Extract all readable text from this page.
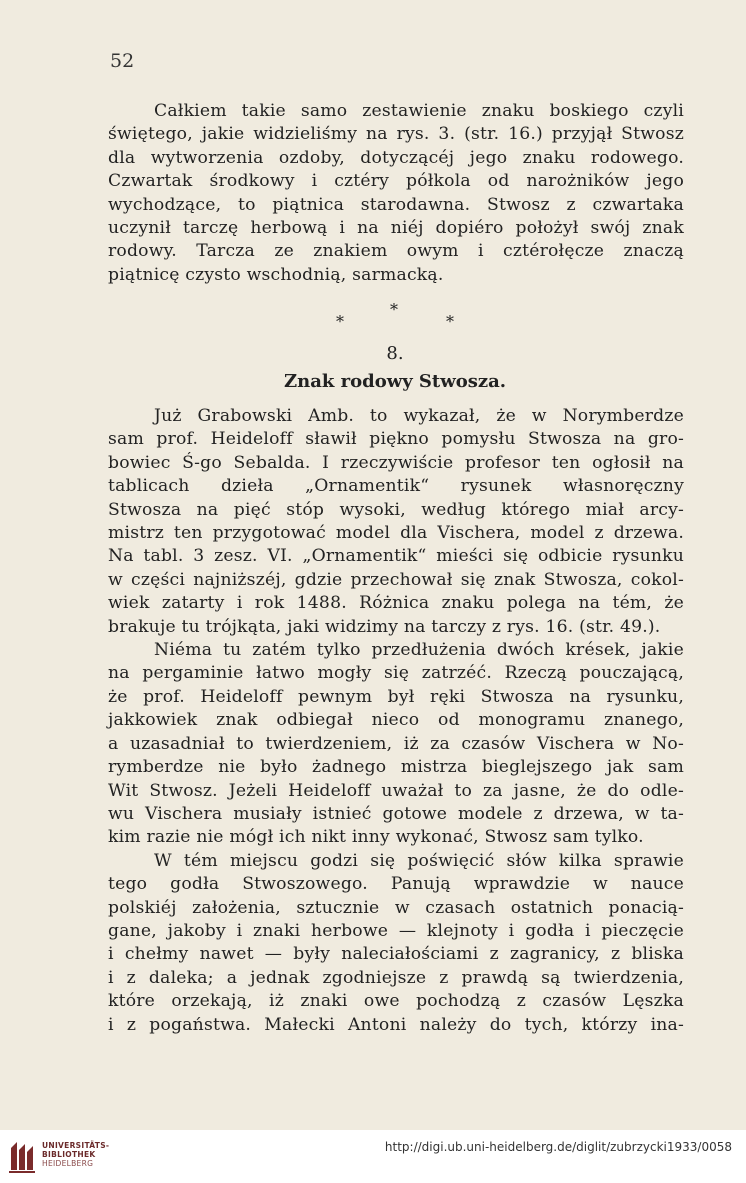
52
Całkiem takie samo zestawienie znaku boskiego czyli
świętego, jakie widzieliśmy na rys. 3. (str. 16.) przyjął Stwosz
dla wytworzenia ozdoby, dotyczącéj jego znaku rodowego.
Czwartak środkowy i cztéry półkola od narożników jego
wychodzące, to piątnica starodawna. Stwosz z czwartaka
uczynił tarczę herbową i na niéj dopiéro położył swój znak
rodowy. Tarcza ze znakiem owym i cztérołęcze znaczą
piątnicę czysto wschodnią, sarmacką.
*
*	*
8.
Znak rodowy Stwosza.
Już Grabowski Amb. to wykazał, że w Norymberdze
sam prof. Heideloff sławił piękno pomysłu Stwosza na gro-
bowiec Ś-go Sebalda. I rzeczywiście profesor ten ogłosił na
tablicach dzieła „Ornamentik“ rysunek własnoręczny
Stwosza na pięć stóp wysoki, według którego miał arcy-
mistrz ten przygotować model dla Vischera, model z drzewa.
Na tabl. 3 zesz. VI. „Ornamentik“ mieści się odbicie rysunku
w części najniższéj, gdzie przechował się znak Stwosza, cokol-
wiek zatarty i rok 1488. Różnica znaku polega na tém, że
brakuje tu trójkąta, jaki widzimy na tarczy z rys. 16. (str. 49.).
Niéma tu zatém tylko przedłużenia dwóch krések, jakie
na pergaminie łatwo mogły się zatrzéć. Rzeczą pouczającą,
że prof. Heideloff pewnym był ręki Stwosza na rysunku,
jakkowiek znak odbiegał nieco od monogramu znanego,
a uzasadniał to twierdzeniem, iż za czasów Vischera w No-
rymberdze nie było żadnego mistrza bieglejszego jak sam
Wit Stwosz. Jeżeli Heideloff uważał to za jasne, że do odle-
wu Vischera musiały istnieć gotowe modele z drzewa, w ta-
kim razie nie mógł ich nikt inny wykonać, Stwosz sam tylko.
W tém miejscu godzi się poświęcić słów kilka sprawie
tego godła Stwoszowego. Panują wprawdzie w nauce
polskiéj założenia, sztucznie w czasach ostatnich ponacią-
gane, jakoby i znaki herbowe — klejnoty i godła i pieczęcie
i chełmy nawet — były naleciałościami z zagranicy, z bliska
i z daleka; a jednak zgodniejsze z prawdą są twierdzenia,
które orzekają, iż znaki owe pochodzą z czasów Lęszka
i z pogaństwa. Małecki Antoni należy do tych, którzy ina-
UNIVERSITÄTS-
BIBLIOTHEK
HEIDELBERG
http://digi.ub.uni-heidelberg.de/diglit/zubrzycki1933/0058
